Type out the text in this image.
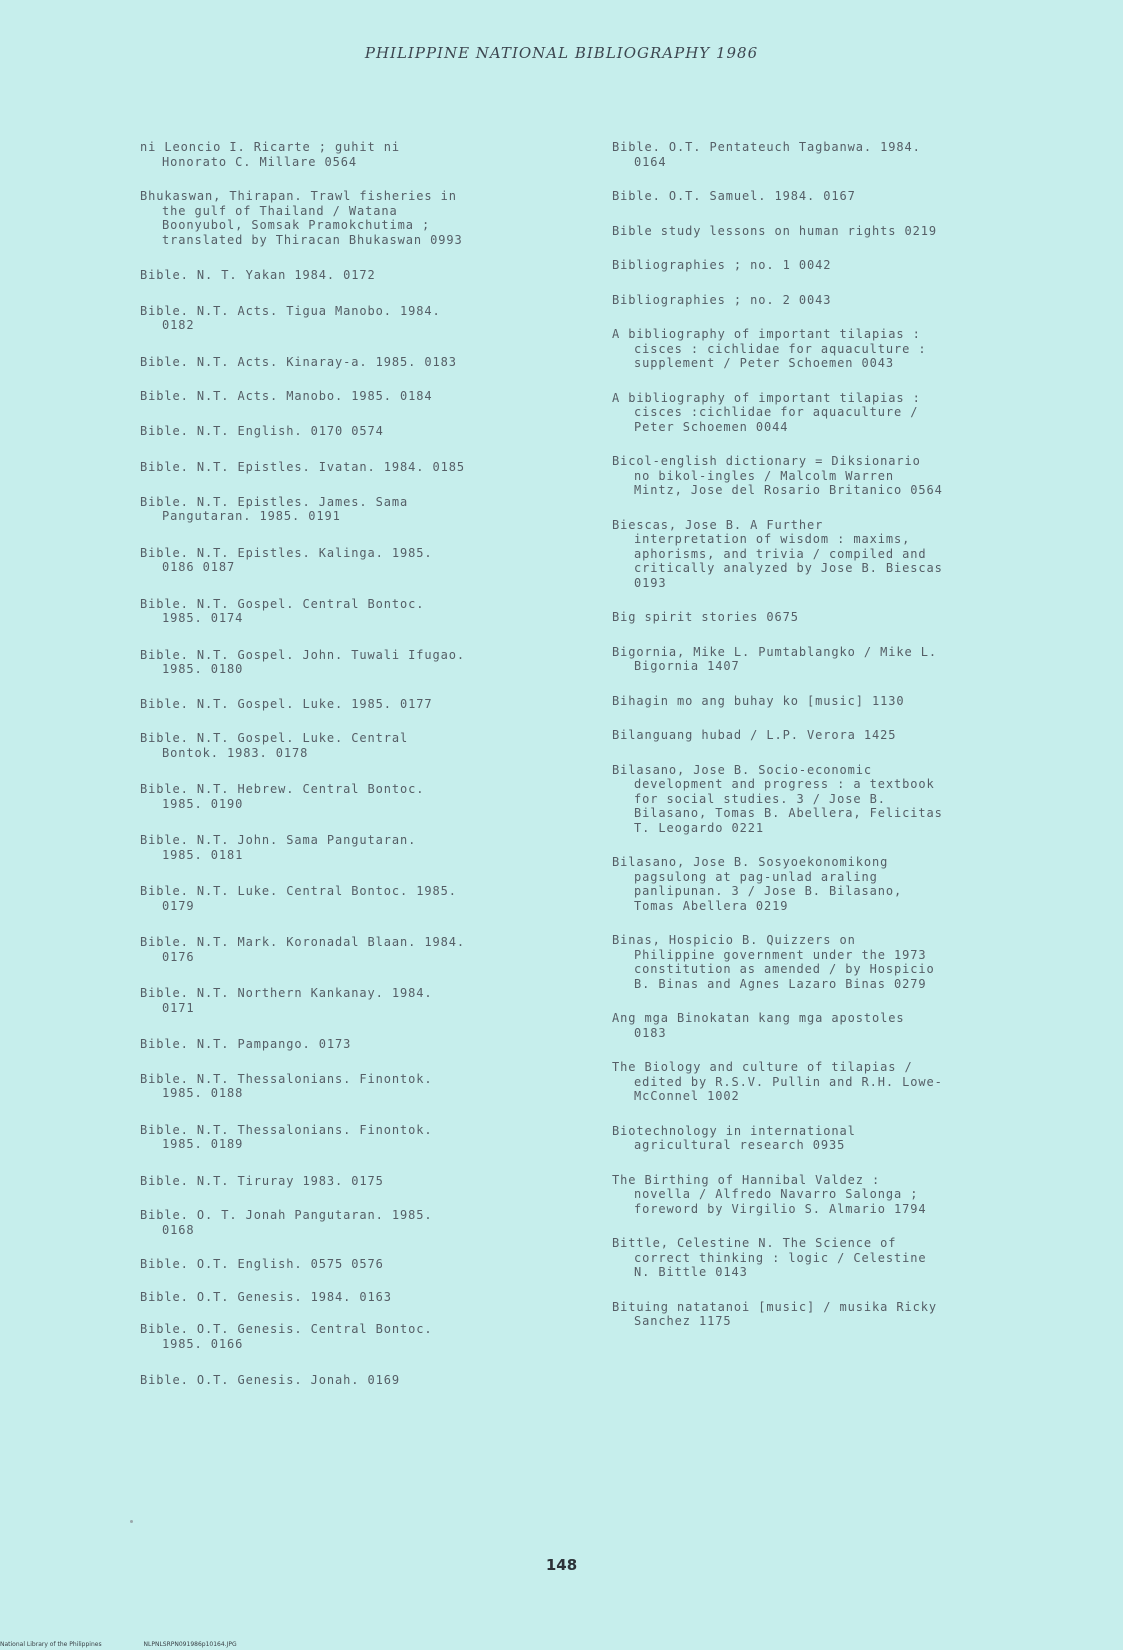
PHILIPPINE NATIONAL BIBLIOGRAPHY 1986
ni Leoncio I. Ricarte ; guhit ni
Honorato C. Millare 0564
Bhukaswan, Thirapan. Trawl fisheries in
the gulf of Thailand / Watana
Boonyubol, Somsak Pramokchutima ;
translated by Thiracan Bhukaswan 0993
Bible. N. T. Yakan 1984. 0172
Bible. N.T. Acts. Tigua Manobo. 1984.
0182
Bible. N.T. Acts. Kinaray-a. 1985. 0183
Bible. N.T. Acts. Manobo. 1985. 0184
Bible. N.T. English. 0170 0574
Bible. N.T. Epistles. Ivatan. 1984. 0185
Bible. N.T. Epistles. James. Sama
Pangutaran. 1985. 0191
Bible. N.T. Epistles. Kalinga. 1985.
0186 0187
Bible. N.T. Gospel. Central Bontoc.
1985. 0174
Bible. N.T. Gospel. John. Tuwali Ifugao.
1985. 0180
Bible. N.T. Gospel. Luke. 1985. 0177
Bible. N.T. Gospel. Luke. Central
Bontok. 1983. 0178
Bible. N.T. Hebrew. Central Bontoc.
1985. 0190
Bible. N.T. John. Sama Pangutaran.
1985. 0181
Bible. N.T. Luke. Central Bontoc. 1985.
0179
Bible. N.T. Mark. Koronadal Blaan. 1984.
0176
Bible. N.T. Northern Kankanay. 1984.
0171
Bible. N.T. Pampango. 0173
Bible. N.T. Thessalonians. Finontok.
1985. 0188
Bible. N.T. Thessalonians. Finontok.
1985. 0189
Bible. N.T. Tiruray 1983. 0175
Bible. O. T. Jonah Pangutaran. 1985.
0168
Bible. O.T. English. 0575 0576
Bible. O.T. Genesis. 1984. 0163
Bible. O.T. Genesis. Central Bontoc.
1985. 0166
Bible. O.T. Genesis. Jonah. 0169
Bible. O.T. Pentateuch Tagbanwa. 1984.
0164
Bible. O.T. Samuel. 1984. 0167
Bible study lessons on human rights 0219
Bibliographies ; no. 1 0042
Bibliographies ; no. 2 0043
A bibliography of important tilapias :
cisces : cichlidae for aquaculture :
supplement / Peter Schoemen 0043
A bibliography of important tilapias :
cisces :cichlidae for aquaculture /
Peter Schoemen 0044
Bicol-english dictionary = Diksionario
no bikol-ingles / Malcolm Warren
Mintz, Jose del Rosario Britanico 0564
Biescas, Jose B. A Further
interpretation of wisdom : maxims,
aphorisms, and trivia / compiled and
critically analyzed by Jose B. Biescas
0193
Big spirit stories 0675
Bigornia, Mike L. Pumtablangko / Mike L.
Bigornia 1407
Bihagin mo ang buhay ko [music] 1130
Bilanguang hubad / L.P. Verora 1425
Bilasano, Jose B. Socio-economic
development and progress : a textbook
for social studies. 3 / Jose B.
Bilasano, Tomas B. Abellera, Felicitas
T. Leogardo 0221
Bilasano, Jose B. Sosyoekonomikong
pagsulong at pag-unlad araling
panlipunan. 3 / Jose B. Bilasano,
Tomas Abellera 0219
Binas, Hospicio B. Quizzers on
Philippine government under the 1973
constitution as amended / by Hospicio
B. Binas and Agnes Lazaro Binas 0279
Ang mga Binokatan kang mga apostoles
0183
The Biology and culture of tilapias /
edited by R.S.V. Pullin and R.H. Lowe-
McConnel 1002
Biotechnology in international
agricultural research 0935
The Birthing of Hannibal Valdez :
novella / Alfredo Navarro Salonga ;
foreword by Virgilio S. Almario 1794
Bittle, Celestine N. The Science of
correct thinking : logic / Celestine
N. Bittle 0143
Bituing natatanoi [music] / musika Ricky
Sanchez 1175
148
National Library of the Philippines	NLPNLSRPN091986p10164.JPG
